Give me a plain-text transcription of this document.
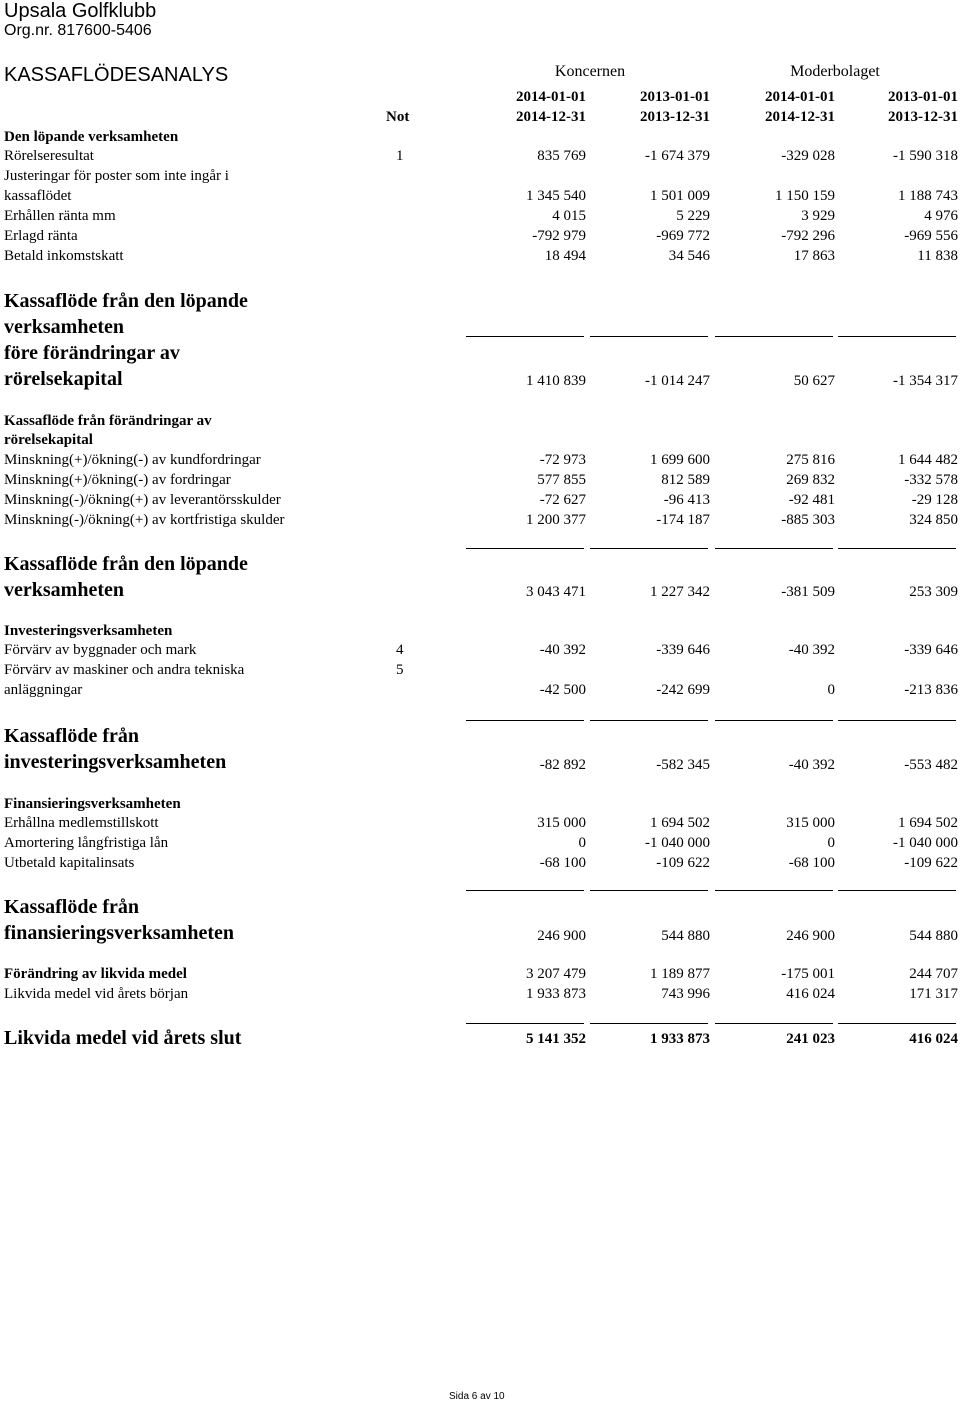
Upsala Golfklubb
Org.nr. 817600-5406
KASSAFLÖDESANALYS	Koncernen	Moderbolaget
2014-01-01	2013-01-01	2014-01-01	2013-01-01
Not	2014-12-31	2013-12-31	2014-12-31	2013-12-31
Den löpande verksamheten
Rörelseresultat	1	835 769	-1 674 379	-329 028	-1 590 318
Justeringar för poster som inte ingår i
kassaflödet	1 345 540	1 501 009	1 150 159	1 188 743
Erhållen ränta mm	4 015	5 229	3 929	4 976
Erlagd ränta	-792 979	-969 772	-792 296	-969 556
Betald inkomstskatt	18 494	34 546	17 863	11 838
Kassaflöde från den löpande
verksamheten
före förändringar av
rörelsekapital	1 410 839	-1 014 247	50 627	-1 354 317
Kassaflöde från förändringar av
rörelsekapital
Minskning(+)/ökning(-) av kundfordringar	-72 973	1 699 600	275 816	1 644 482
Minskning(+)/ökning(-) av fordringar	577 855	812 589	269 832	-332 578
Minskning(-)/ökning(+) av leverantörsskulder	-72 627	-96 413	-92 481	-29 128
Minskning(-)/ökning(+) av kortfristiga skulder	1 200 377	-174 187	-885 303	324 850
Kassaflöde från den löpande
verksamheten	3 043 471	1 227 342	-381 509	253 309
Investeringsverksamheten
Förvärv av byggnader och mark	4	-40 392	-339 646	-40 392	-339 646
Förvärv av maskiner och andra tekniska	5
anläggningar	-42 500	-242 699	0	-213 836
Kassaflöde från
investeringsverksamheten	-82 892	-582 345	-40 392	-553 482
Finansieringsverksamheten
Erhållna medlemstillskott	315 000	1 694 502	315 000	1 694 502
Amortering långfristiga lån	0	-1 040 000	0	-1 040 000
Utbetald kapitalinsats	-68 100	-109 622	-68 100	-109 622
Kassaflöde från
finansieringsverksamheten	246 900	544 880	246 900	544 880
Förändring av likvida medel	3 207 479	1 189 877	-175 001	244 707
Likvida medel vid årets början	1 933 873	743 996	416 024	171 317
Likvida medel vid årets slut	5 141 352	1 933 873	241 023	416 024
Sida 6 av 10
